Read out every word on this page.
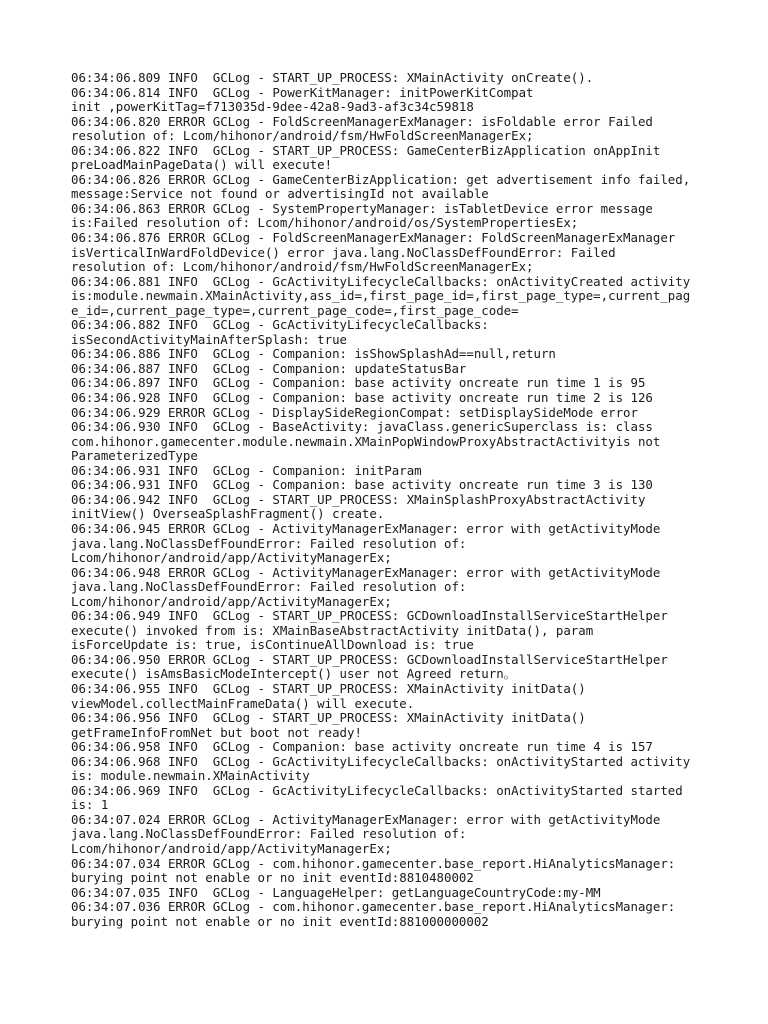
06:34:06.809 INFO  GCLog - START_UP_PROCESS: XMainActivity onCreate().
06:34:06.814 INFO  GCLog - PowerKitManager: initPowerKitCompat
init ,powerKitTag=f713035d-9dee-42a8-9ad3-af3c34c59818
06:34:06.820 ERROR GCLog - FoldScreenManagerExManager: isFoldable error Failed
resolution of: Lcom/hihonor/android/fsm/HwFoldScreenManagerEx;
06:34:06.822 INFO  GCLog - START_UP_PROCESS: GameCenterBizApplication onAppInit
preLoadMainPageData() will execute!
06:34:06.826 ERROR GCLog - GameCenterBizApplication: get advertisement info failed,
message:Service not found or advertisingId not available
06:34:06.863 ERROR GCLog - SystemPropertyManager: isTabletDevice error message
is:Failed resolution of: Lcom/hihonor/android/os/SystemPropertiesEx;
06:34:06.876 ERROR GCLog - FoldScreenManagerExManager: FoldScreenManagerExManager
isVerticalInWardFoldDevice() error java.lang.NoClassDefFoundError: Failed
resolution of: Lcom/hihonor/android/fsm/HwFoldScreenManagerEx;
06:34:06.881 INFO  GCLog - GcActivityLifecycleCallbacks: onActivityCreated activity
is:module.newmain.XMainActivity,ass_id=,first_page_id=,first_page_type=,current_pag
e_id=,current_page_type=,current_page_code=,first_page_code=
06:34:06.882 INFO  GCLog - GcActivityLifecycleCallbacks:
isSecondActivityMainAfterSplash: true
06:34:06.886 INFO  GCLog - Companion: isShowSplashAd==null,return
06:34:06.887 INFO  GCLog - Companion: updateStatusBar
06:34:06.897 INFO  GCLog - Companion: base activity oncreate run time 1 is 95
06:34:06.928 INFO  GCLog - Companion: base activity oncreate run time 2 is 126
06:34:06.929 ERROR GCLog - DisplaySideRegionCompat: setDisplaySideMode error
06:34:06.930 INFO  GCLog - BaseActivity: javaClass.genericSuperclass is: class
com.hihonor.gamecenter.module.newmain.XMainPopWindowProxyAbstractActivityis not
ParameterizedType
06:34:06.931 INFO  GCLog - Companion: initParam
06:34:06.931 INFO  GCLog - Companion: base activity oncreate run time 3 is 130
06:34:06.942 INFO  GCLog - START_UP_PROCESS: XMainSplashProxyAbstractActivity
initView() OverseaSplashFragment() create.
06:34:06.945 ERROR GCLog - ActivityManagerExManager: error with getActivityMode
java.lang.NoClassDefFoundError: Failed resolution of:
Lcom/hihonor/android/app/ActivityManagerEx;
06:34:06.948 ERROR GCLog - ActivityManagerExManager: error with getActivityMode
java.lang.NoClassDefFoundError: Failed resolution of:
Lcom/hihonor/android/app/ActivityManagerEx;
06:34:06.949 INFO  GCLog - START_UP_PROCESS: GCDownloadInstallServiceStartHelper
execute() invoked from is: XMainBaseAbstractActivity initData(), param
isForceUpdate is: true, isContinueAllDownload is: true
06:34:06.950 ERROR GCLog - START_UP_PROCESS: GCDownloadInstallServiceStartHelper
execute() isAmsBasicModeIntercept() user not Agreed return。
06:34:06.955 INFO  GCLog - START_UP_PROCESS: XMainActivity initData()
viewModel.collectMainFrameData() will execute.
06:34:06.956 INFO  GCLog - START_UP_PROCESS: XMainActivity initData()
getFrameInfoFromNet but boot not ready!
06:34:06.958 INFO  GCLog - Companion: base activity oncreate run time 4 is 157
06:34:06.968 INFO  GCLog - GcActivityLifecycleCallbacks: onActivityStarted activity
is: module.newmain.XMainActivity
06:34:06.969 INFO  GCLog - GcActivityLifecycleCallbacks: onActivityStarted started
is: 1
06:34:07.024 ERROR GCLog - ActivityManagerExManager: error with getActivityMode
java.lang.NoClassDefFoundError: Failed resolution of:
Lcom/hihonor/android/app/ActivityManagerEx;
06:34:07.034 ERROR GCLog - com.hihonor.gamecenter.base_report.HiAnalyticsManager:
burying point not enable or no init eventId:8810480002
06:34:07.035 INFO  GCLog - LanguageHelper: getLanguageCountryCode:my-MM
06:34:07.036 ERROR GCLog - com.hihonor.gamecenter.base_report.HiAnalyticsManager:
burying point not enable or no init eventId:881000000002
